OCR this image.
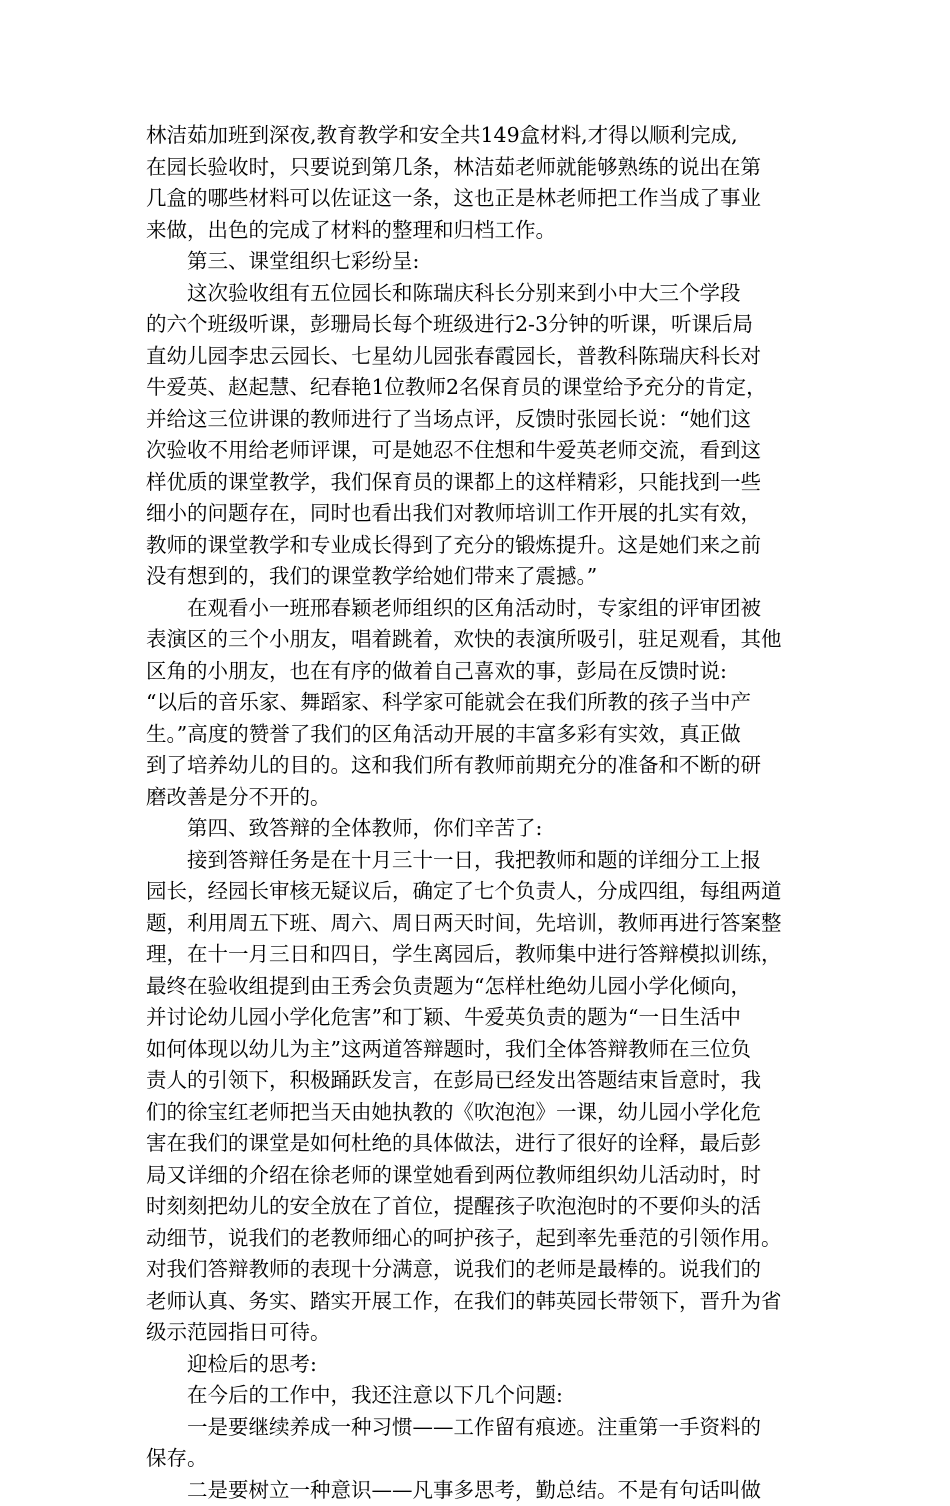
林洁茹加班到深夜,教育教学和安全共149盒材料,才得以顺利完成,
在园长验收时，只要说到第几条，林洁茹老师就能够熟练的说出在第
几盒的哪些材料可以佐证这一条，这也正是林老师把工作当成了事业
来做，出色的完成了材料的整理和归档工作。
第三、课堂组织七彩纷呈:
这次验收组有五位园长和陈瑞庆科长分别来到小中大三个学段
的六个班级听课，彭珊局长每个班级进行2-3分钟的听课，听课后局
直幼儿园李忠云园长、七星幼儿园张春霞园长，普教科陈瑞庆科长对
牛爱英、赵起慧、纪春艳1位教师2名保育员的课堂给予充分的肯定，
并给这三位讲课的教师进行了当场点评，反馈时张园长说：“她们这
次验收不用给老师评课，可是她忍不住想和牛爱英老师交流，看到这
样优质的课堂教学，我们保育员的课都上的这样精彩，只能找到一些
细小的问题存在，同时也看出我们对教师培训工作开展的扎实有效，
教师的课堂教学和专业成长得到了充分的锻炼提升。这是她们来之前
没有想到的，我们的课堂教学给她们带来了震撼。”
在观看小一班邢春颖老师组织的区角活动时，专家组的评审团被
表演区的三个小朋友，唱着跳着，欢快的表演所吸引，驻足观看，其他
区角的小朋友，也在有序的做着自己喜欢的事，彭局在反馈时说:
“以后的音乐家、舞蹈家、科学家可能就会在我们所教的孩子当中产
生。”高度的赞誉了我们的区角活动开展的丰富多彩有实效，真正做
到了培养幼儿的目的。这和我们所有教师前期充分的准备和不断的研
磨改善是分不开的。
第四、致答辩的全体教师，你们辛苦了:
接到答辩任务是在十月三十一日，我把教师和题的详细分工上报
园长，经园长审核无疑议后，确定了七个负责人，分成四组，每组两道
题，利用周五下班、周六、周日两天时间，先培训，教师再进行答案整
理，在十一月三日和四日，学生离园后，教师集中进行答辩模拟训练，
最终在验收组提到由王秀会负责题为“怎样杜绝幼儿园小学化倾向，
并讨论幼儿园小学化危害”和丁颖、牛爱英负责的题为“一日生活中
如何体现以幼儿为主”这两道答辩题时，我们全体答辩教师在三位负
责人的引领下，积极踊跃发言，在彭局已经发出答题结束旨意时，我
们的徐宝红老师把当天由她执教的《吹泡泡》一课，幼儿园小学化危
害在我们的课堂是如何杜绝的具体做法，进行了很好的诠释，最后彭
局又详细的介绍在徐老师的课堂她看到两位教师组织幼儿活动时，时
时刻刻把幼儿的安全放在了首位，提醒孩子吹泡泡时的不要仰头的活
动细节，说我们的老教师细心的呵护孩子，起到率先垂范的引领作用。
对我们答辩教师的表现十分满意，说我们的老师是最棒的。说我们的
老师认真、务实、踏实开展工作，在我们的韩英园长带领下，晋升为省
级示范园指日可待。
迎检后的思考:
在今后的工作中，我还注意以下几个问题:
一是要继续养成一种习惯——工作留有痕迹。注重第一手资料的
保存。
二是要树立一种意识——凡事多思考，勤总结。不是有句话叫做
